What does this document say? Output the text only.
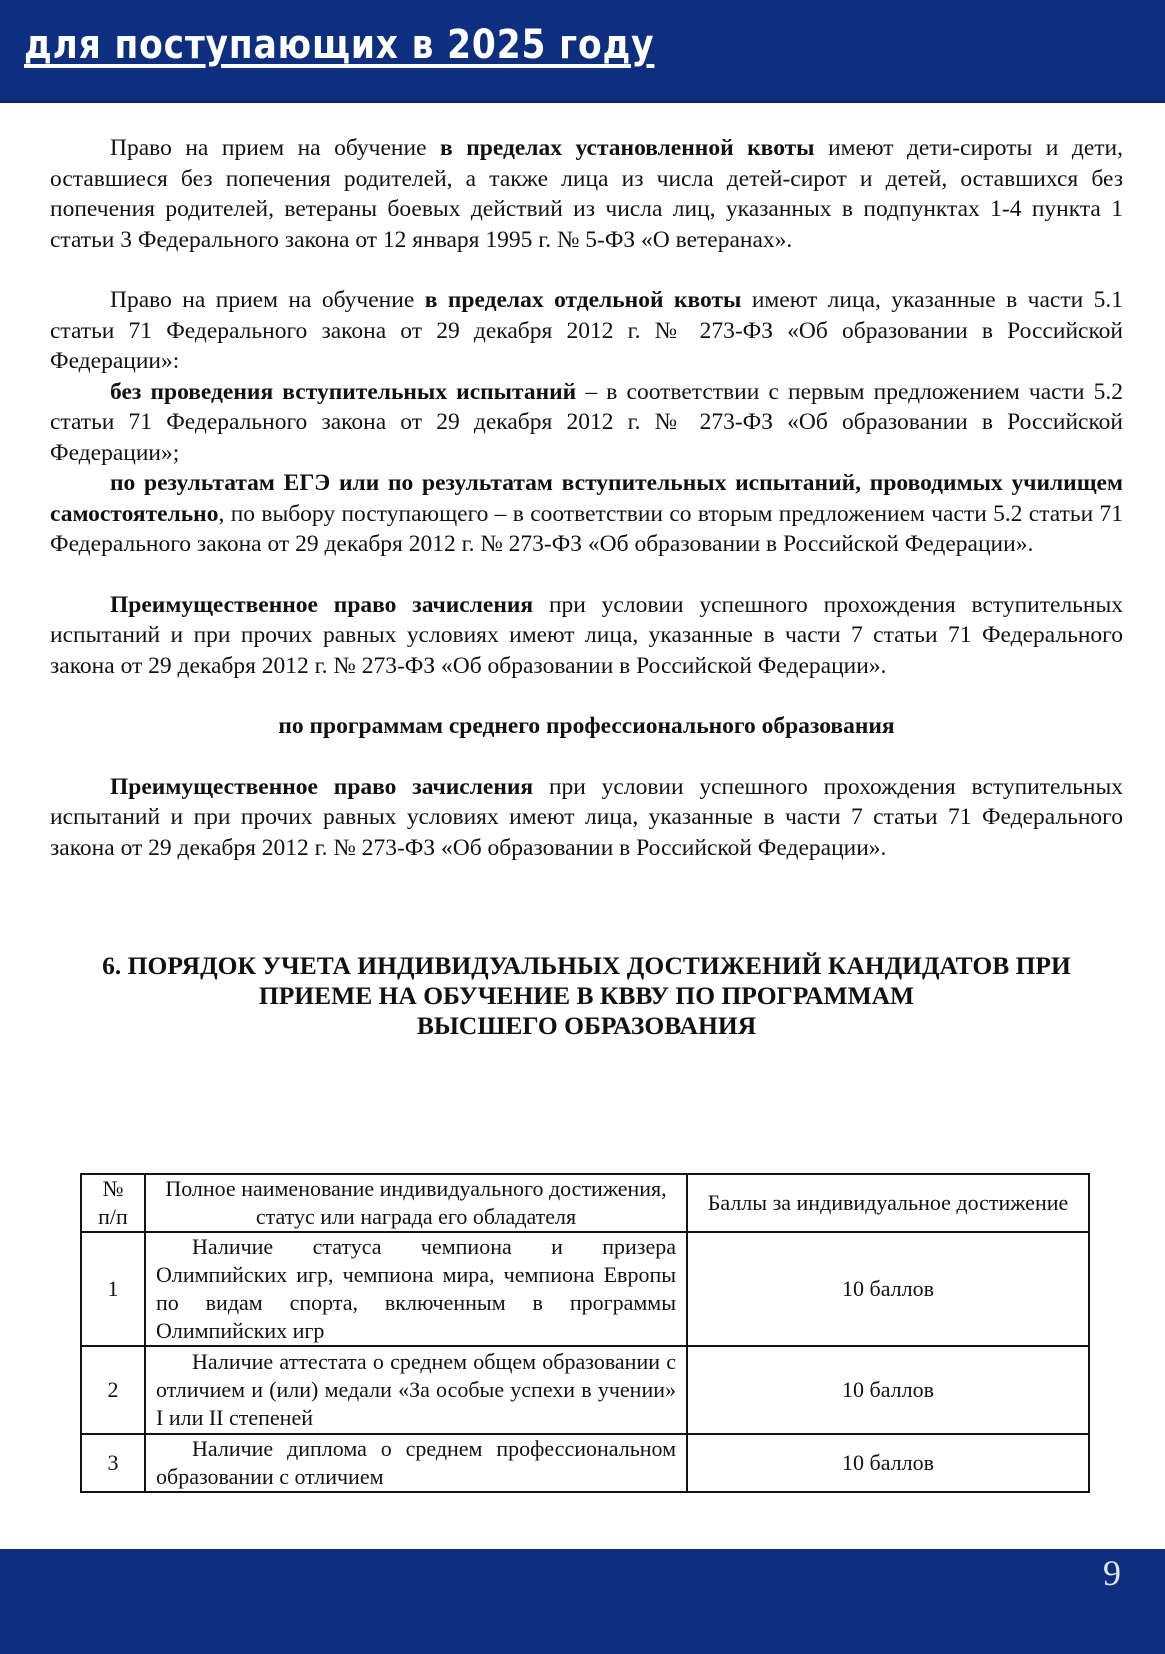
для поступающих в 2025 году

Право на прием на обучение в пределах установленной квоты имеют дети-сироты и дети, оставшиеся без попечения родителей, а также лица из числа детей-сирот и детей, оставшихся без попечения родителей, ветераны боевых действий из числа лиц, указанных в подпунктах 1-4 пункта 1 статьи 3 Федерального закона от 12 января 1995 г. № 5-ФЗ «О ветеранах».

Право на прием на обучение в пределах отдельной квоты имеют лица, указанные в части 5.1 статьи 71 Федерального закона от 29 декабря 2012 г. № 273-ФЗ «Об образовании в Российской Федерации»:

без проведения вступительных испытаний – в соответствии с первым предложением части 5.2 статьи 71 Федерального закона от 29 декабря 2012 г. № 273-ФЗ «Об образовании в Российской Федерации»;

по результатам ЕГЭ или по результатам вступительных испытаний, проводимых училищем самостоятельно, по выбору поступающего – в соответствии со вторым предложением части 5.2 статьи 71 Федерального закона от 29 декабря 2012 г. № 273-ФЗ «Об образовании в Российской Федерации».

Преимущественное право зачисления при условии успешного прохождения вступительных испытаний и при прочих равных условиях имеют лица, указанные в части 7 статьи 71 Федерального закона от 29 декабря 2012 г. № 273-ФЗ «Об образовании в Российской Федерации».

по программам среднего профессионального образования

Преимущественное право зачисления при условии успешного прохождения вступительных испытаний и при прочих равных условиях имеют лица, указанные в части 7 статьи 71 Федерального закона от 29 декабря 2012 г. № 273-ФЗ «Об образовании в Российской Федерации».

6. ПОРЯДОК УЧЕТА ИНДИВИДУАЛЬНЫХ ДОСТИЖЕНИЙ КАНДИДАТОВ ПРИ
ПРИЕМЕ НА ОБУЧЕНИЕ В КВВУ ПО ПРОГРАММАМ
ВЫСШЕГО ОБРАЗОВАНИЯ
№ п/п	Полное наименование индивидуального достижения, статус или награда его обладателя	Баллы за индивидуальное достижение
1	Наличие статуса чемпиона и призера Олимпийских игр, чемпиона мира, чемпиона Европы по видам спорта, включенным в программы Олимпийских игр	10 баллов
2	Наличие аттестата о среднем общем образовании с отличием и (или) медали «За особые успехи в учении» I или II степеней	10 баллов
3	Наличие диплома о среднем профессиональном образовании с отличием	10 баллов
9
